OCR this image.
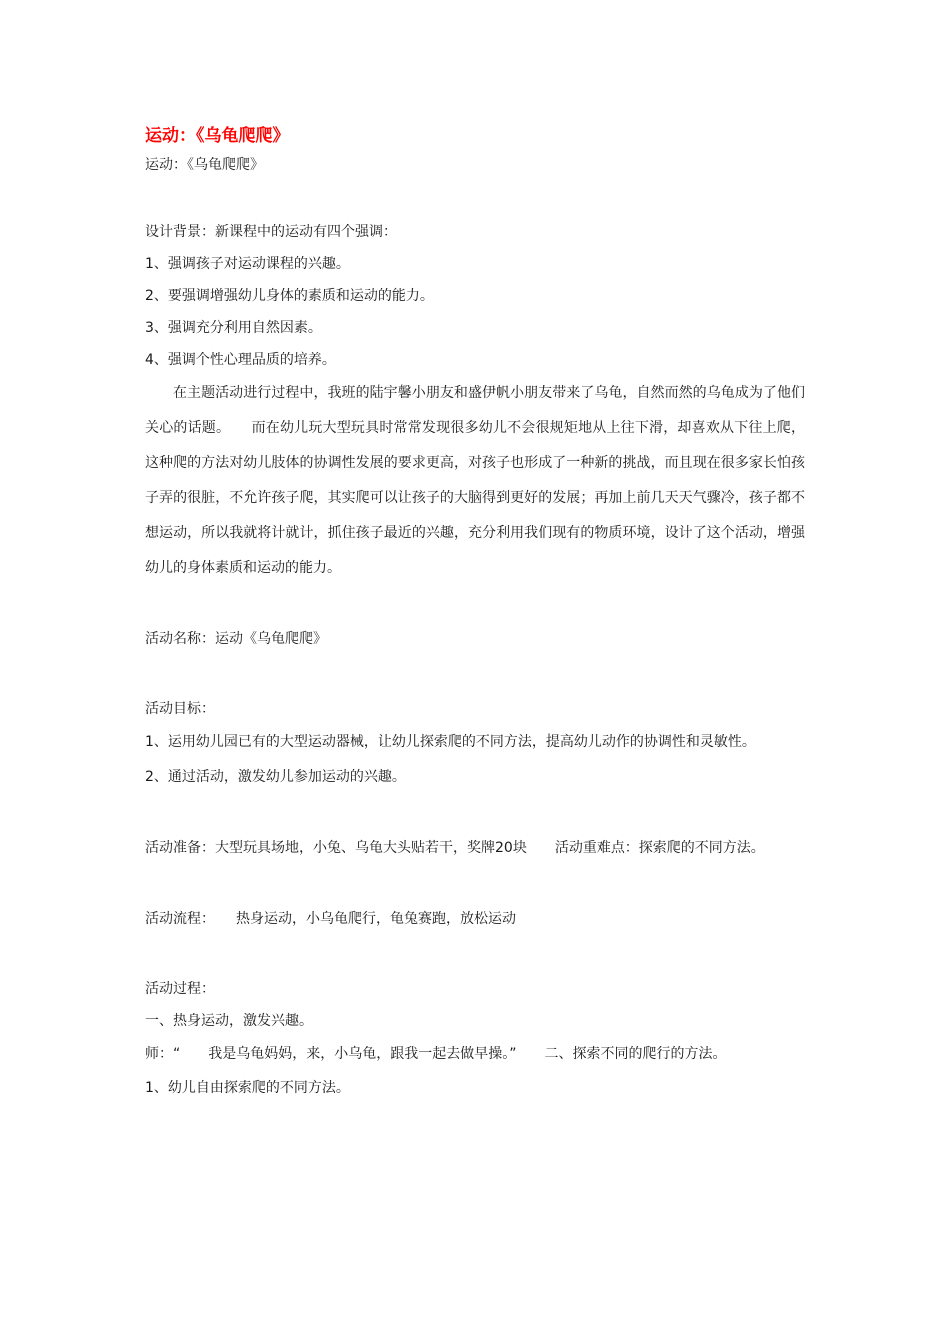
运动：《乌龟爬爬》
运动：《乌龟爬爬》

设计背景：新课程中的运动有四个强调：

1、强调孩子对运动课程的兴趣。

2、要强调增强幼儿身体的素质和运动的能力。

3、强调充分利用自然因素。

4、强调个性心理品质的培养。

在主题活动进行过程中，我班的陆宇馨小朋友和盛伊帆小朋友带来了乌龟，自然而然的乌龟成为了他们关心的话题。　　而在幼儿玩大型玩具时常常发现很多幼儿不会很规矩地从上往下滑，却喜欢从下往上爬，这种爬的方法对幼儿肢体的协调性发展的要求更高，对孩子也形成了一种新的挑战，而且现在很多家长怕孩子弄的很脏，不允许孩子爬，其实爬可以让孩子的大脑得到更好的发展；再加上前几天天气骤冷，孩子都不想运动，所以我就将计就计，抓住孩子最近的兴趣，充分利用我们现有的物质环境，设计了这个活动，增强幼儿的身体素质和运动的能力。

活动名称：运动《乌龟爬爬》

活动目标：

1、运用幼儿园已有的大型运动器械，让幼儿探索爬的不同方法，提高幼儿动作的协调性和灵敏性。

2、通过活动，激发幼儿参加运动的兴趣。

活动准备：大型玩具场地，小兔、乌龟大头贴若干，奖牌20块　　活动重难点：探索爬的不同方法。

活动流程：　　热身运动，小乌龟爬行，龟兔赛跑，放松运动

活动过程：

一、热身运动，激发兴趣。

师：“　　我是乌龟妈妈，来，小乌龟，跟我一起去做早操。”　　二、探索不同的爬行的方法。

1、幼儿自由探索爬的不同方法。
